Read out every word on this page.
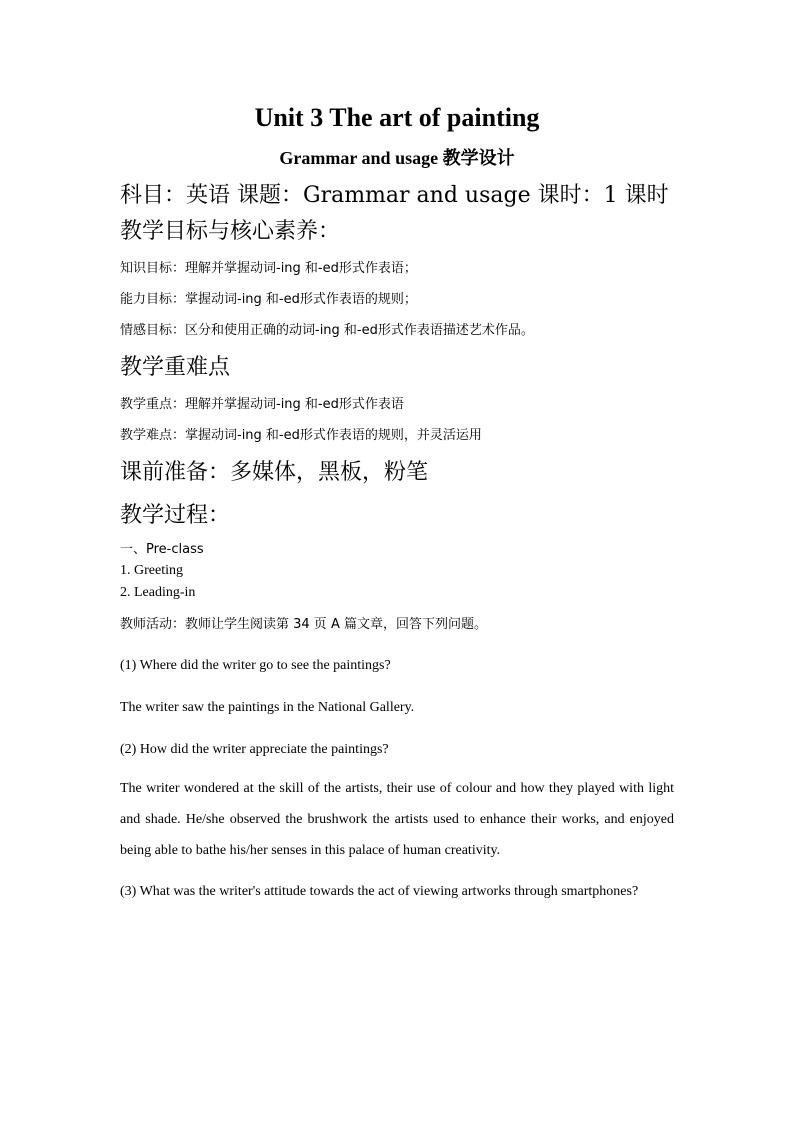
Unit 3 The art of painting
Grammar and usage 教学设计

科目：英语 课题：Grammar and usage 课时：1 课时

教学目标与核心素养：

知识目标：理解并掌握动词-ing 和-ed形式作表语；

能力目标：掌握动词-ing 和-ed形式作表语的规则；

情感目标：区分和使用正确的动词-ing 和-ed形式作表语描述艺术作品。

教学重难点

教学重点：理解并掌握动词-ing 和-ed形式作表语

教学难点：掌握动词-ing 和-ed形式作表语的规则，并灵活运用

课前准备：多媒体，黑板，粉笔

教学过程：

一、Pre-class

1. Greeting

2. Leading-in

教师活动：教师让学生阅读第 34 页 A 篇文章，回答下列问题。

(1) Where did the writer go to see the paintings?

The writer saw the paintings in the National Gallery.

(2) How did the writer appreciate the paintings?

The writer wondered at the skill of the artists, their use of colour and how they played with light and shade. He/she observed the brushwork the artists used to enhance their works, and enjoyed being able to bathe his/her senses in this palace of human creativity.

(3) What was the writer's attitude towards the act of viewing artworks through smartphones?
